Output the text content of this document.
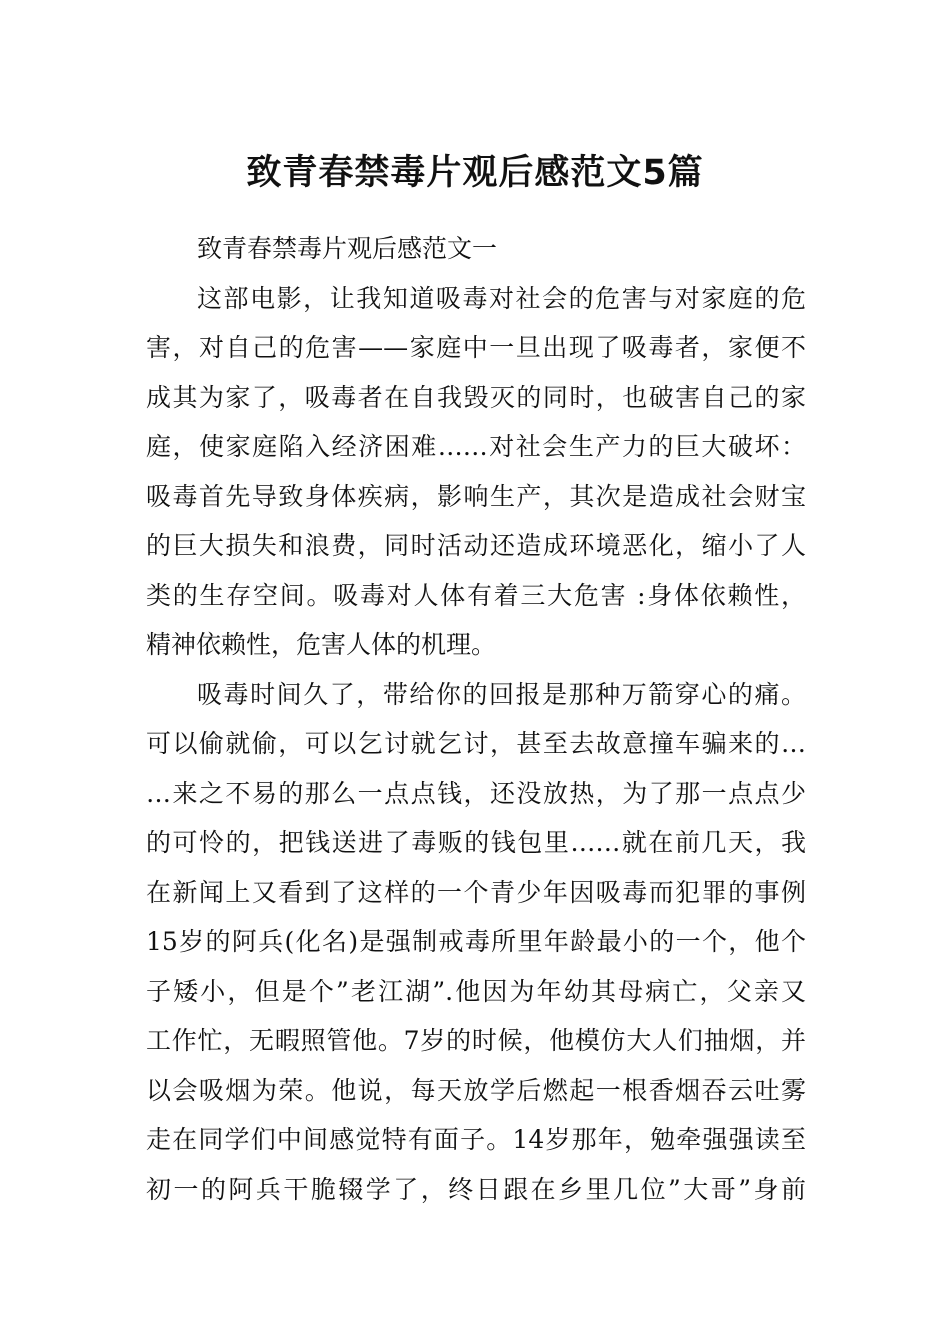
致青春禁毒片观后感范文5篇

致青春禁毒片观后感范文一

这部电影，让我知道吸毒对社会的危害与对家庭的危
害，对自己的危害——家庭中一旦出现了吸毒者，家便不
成其为家了，吸毒者在自我毁灭的同时，也破害自己的家
庭，使家庭陷入经济困难……对社会生产力的巨大破坏：
吸毒首先导致身体疾病，影响生产，其次是造成社会财宝
的巨大损失和浪费，同时活动还造成环境恶化，缩小了人
类的生存空间。吸毒对人体有着三大危害 :身体依赖性，
精神依赖性，危害人体的机理。

吸毒时间久了，带给你的回报是那种万箭穿心的痛。
可以偷就偷，可以乞讨就乞讨，甚至去故意撞车骗来的…
…来之不易的那么一点点钱，还没放热，为了那一点点少
的可怜的，把钱送进了毒贩的钱包里……就在前几天，我
在新闻上又看到了这样的一个青少年因吸毒而犯罪的事例
15岁的阿兵(化名)是强制戒毒所里年龄最小的一个，他个
子矮小，但是个”老江湖”.他因为年幼其母病亡，父亲又
工作忙，无暇照管他。7岁的时候，他模仿大人们抽烟，并
以会吸烟为荣。他说，每天放学后燃起一根香烟吞云吐雾
走在同学们中间感觉特有面子。14岁那年，勉牵强强读至
初一的阿兵干脆辍学了，终日跟在乡里几位”大哥”身前
